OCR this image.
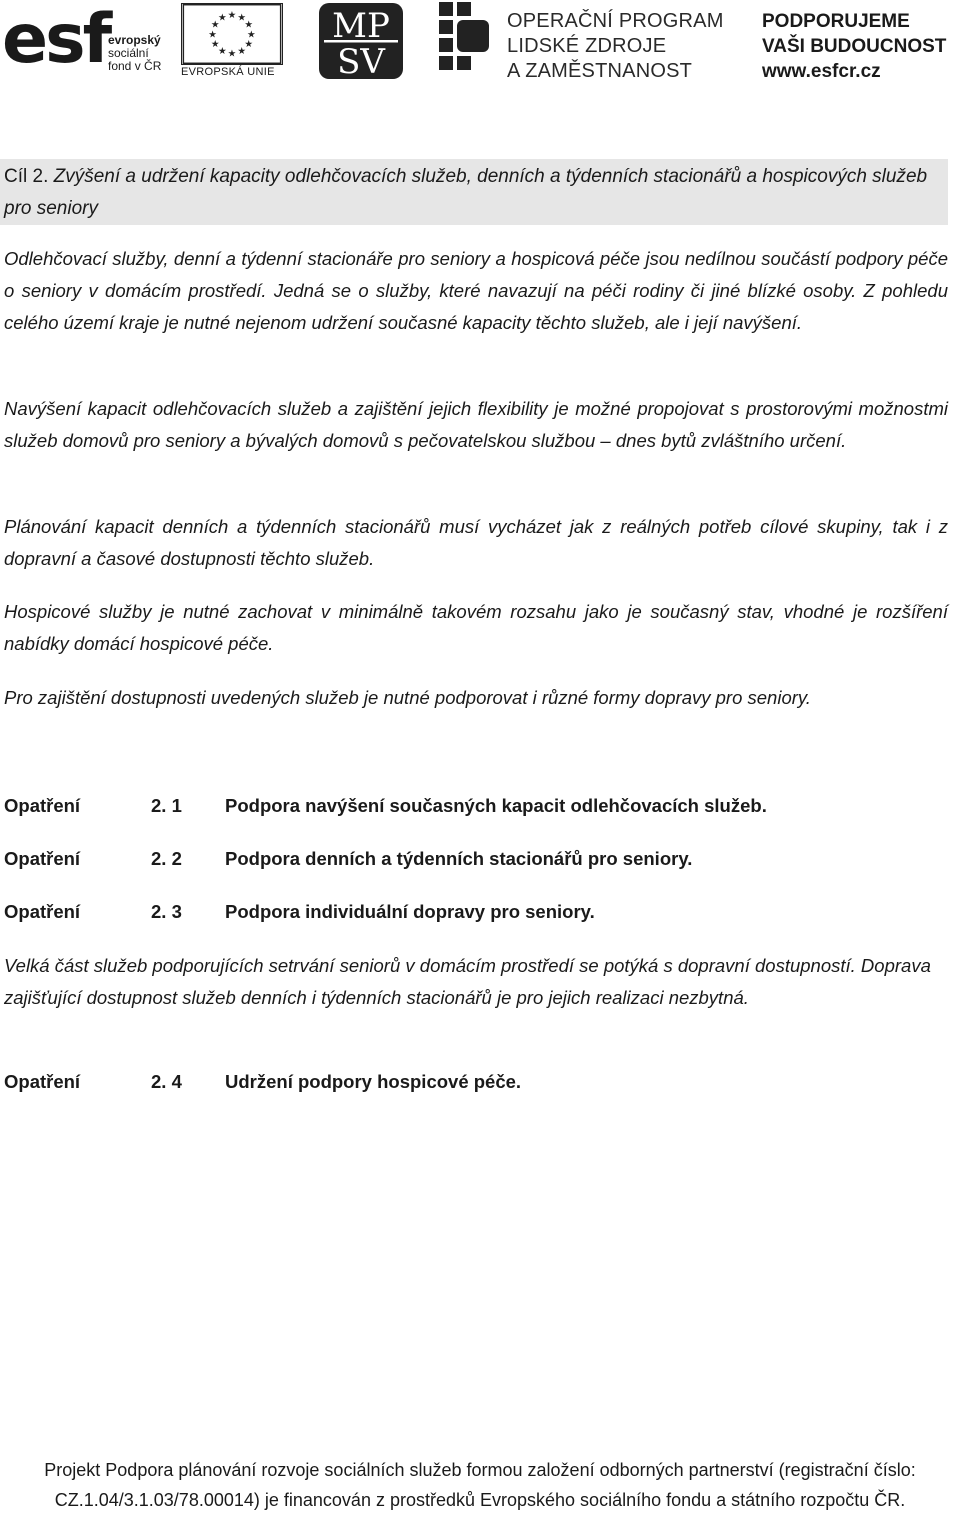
esf
evropský
sociální
fond v ČR
★ ★
★
★
★
★
★
★
★
★
★
★
EVROPSKÁ UNIE
MP
SV
OPERAČNÍ PROGRAM
LIDSKÉ ZDROJE
A ZAMĚSTNANOST
PODPORUJEME
VAŠI BUDOUCNOST
www.esfcr.cz
Cíl 2. Zvýšení a udržení kapacity odlehčovacích služeb, denních a týdenních stacionářů a hospicových služeb pro seniory

Odlehčovací služby, denní a týdenní stacionáře pro seniory a hospicová péče jsou nedílnou součástí podpory péče o seniory v domácím prostředí. Jedná se o služby, které navazují na péči rodiny či jiné blízké osoby. Z pohledu celého území kraje je nutné nejenom udržení současné kapacity těchto služeb, ale i její navýšení.

Navýšení kapacit odlehčovacích služeb a zajištění jejich flexibility je možné propojovat s prostorovými možnostmi služeb domovů pro seniory a bývalých domovů s pečovatelskou službou – dnes bytů zvláštního určení.

Plánování kapacit denních a týdenních stacionářů musí vycházet jak z reálných potřeb cílové skupiny, tak i z dopravní a časové dostupnosti těchto služeb.

Hospicové služby je nutné zachovat v minimálně takovém rozsahu jako je současný stav, vhodné je rozšíření nabídky domácí hospicové péče.

Pro zajištění dostupnosti uvedených služeb je nutné podporovat i různé formy dopravy pro seniory.

Opatření	2. 1 Podpora navýšení současných kapacit odlehčovacích služeb.
Opatření	2. 2 Podpora denních a týdenních stacionářů pro seniory.
Opatření	2. 3 Podpora individuální dopravy pro seniory.

Velká část služeb podporujících setrvání seniorů v domácím prostředí se potýká s dopravní dostupností. Doprava zajišťující dostupnost služeb denních i týdenních stacionářů je pro jejich realizaci nezbytná.

Opatření	2. 4 Udržení podpory hospicové péče.
Projekt Podpora plánování rozvoje sociálních služeb formou založení odborných partnerství (registrační číslo:
CZ.1.04/3.1.03/78.00014) je financován z prostředků Evropského sociálního fondu a státního rozpočtu ČR.
